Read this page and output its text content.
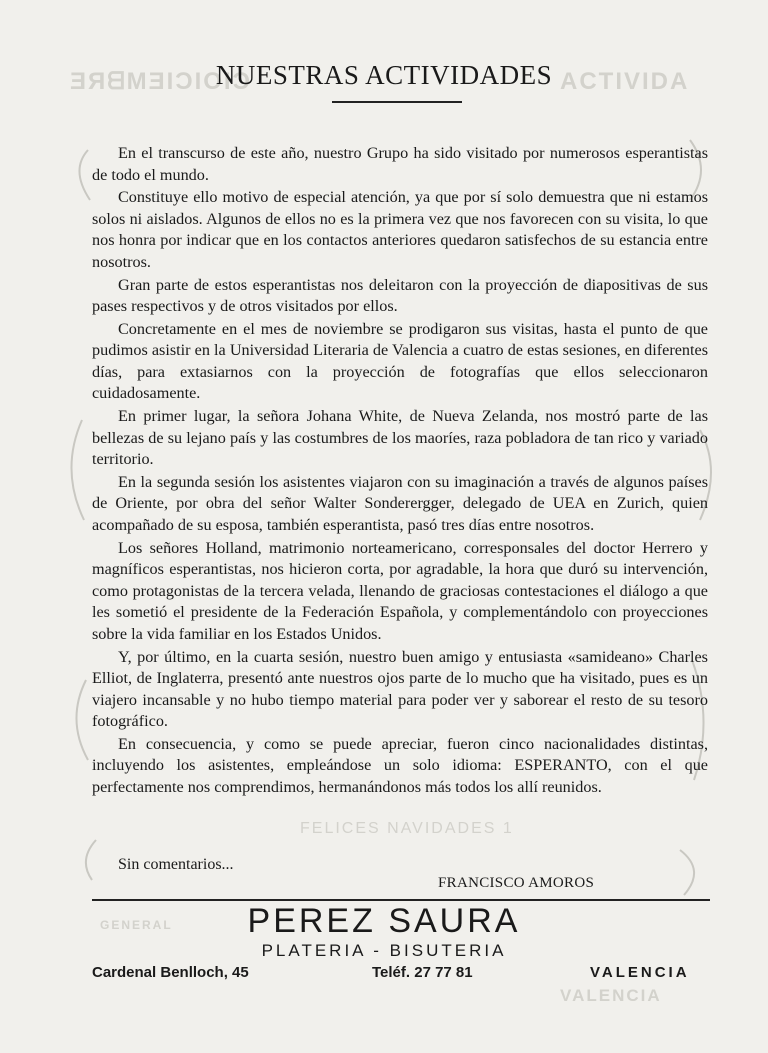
ƎЯᗺMƎIϽIOIϽ	ACTIVIDA
FELICES NAVIDADES 1
GENERAL
VALENCIA
NUESTRAS ACTIVIDADES

En el transcurso de este año, nuestro Grupo ha sido visitado por numerosos esperantistas de todo el mundo.

Constituye ello motivo de especial atención, ya que por sí solo demuestra que ni estamos solos ni aislados. Algunos de ellos no es la primera vez que nos favorecen con su visita, lo que nos honra por indicar que en los contactos anteriores quedaron satisfechos de su estancia entre nosotros.

Gran parte de estos esperantistas nos deleitaron con la proyección de diapositivas de sus pases respectivos y de otros visitados por ellos.

Concretamente en el mes de noviembre se prodigaron sus visitas, hasta el punto de que pudimos asistir en la Universidad Literaria de Valencia a cuatro de estas sesiones, en diferentes días, para extasiarnos con la proyección de fotografías que ellos seleccionaron cuidadosamente.

En primer lugar, la señora Johana White, de Nueva Zelanda, nos mostró parte de las bellezas de su lejano país y las costumbres de los maoríes, raza pobladora de tan rico y variado territorio.

En la segunda sesión los asistentes viajaron con su imaginación a través de algunos países de Oriente, por obra del señor Walter Sonderergger, delegado de UEA en Zurich, quien acompañado de su esposa, también esperantista, pasó tres días entre nosotros.

Los señores Holland, matrimonio norteamericano, corresponsales del doctor Herrero y magníficos esperantistas, nos hicieron corta, por agradable, la hora que duró su intervención, como protagonistas de la tercera velada, llenando de graciosas contestaciones el diálogo a que les sometió el presidente de la Federación Española, y complementándolo con proyecciones sobre la vida familiar en los Estados Unidos.

Y, por último, en la cuarta sesión, nuestro buen amigo y entusiasta «samideano» Charles Elliot, de Inglaterra, presentó ante nuestros ojos parte de lo mucho que ha visitado, pues es un viajero incansable y no hubo tiempo material para poder ver y saborear el resto de su tesoro fotográfico.

En consecuencia, y como se puede apreciar, fueron cinco nacionalidades distintas, incluyendo los asistentes, empleándose un solo idioma: ESPERANTO, con el que perfectamente nos comprendimos, hermanándonos más todos los allí reunidos.

Sin comentarios...
FRANCISCO AMOROS
PEREZ SAURA
PLATERIA - BISUTERIA
Cardenal Benlloch, 45	Teléf. 27 77 81	VALENCIA
